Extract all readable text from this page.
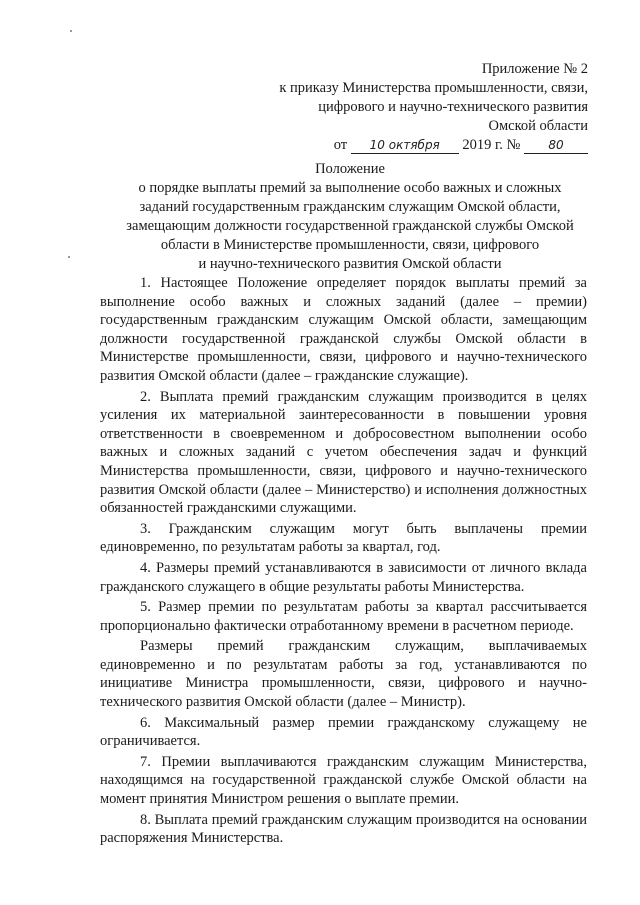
Приложение № 2
к приказу Министерства промышленности, связи,
цифрового и научно-технического развития
Омской области
от 10 октября 2019 г. № 80
Положение
о порядке выплаты премий за выполнение особо важных и сложных
заданий государственным гражданским служащим Омской области,
замещающим должности государственной гражданской службы Омской
области в Министерстве промышленности, связи, цифрового
и научно-технического развития Омской области

1. Настоящее Положение определяет порядок выплаты премий за выполнение особо важных и сложных заданий (далее – премии) государственным гражданским служащим Омской области, замещающим должности государственной гражданской службы Омской области в Министерстве промышленности, связи, цифрового и научно-технического развития Омской области (далее – гражданские служащие).

2. Выплата премий гражданским служащим производится в целях усиления их материальной заинтересованности в повышении уровня ответственности в своевременном и добросовестном выполнении особо важных и сложных заданий с учетом обеспечения задач и функций Министерства промышленности, связи, цифрового и научно-технического развития Омской области (далее – Министерство) и исполнения должностных обязанностей гражданскими служащими.

3. Гражданским служащим могут быть выплачены премии единовременно, по результатам работы за квартал, год.

4. Размеры премий устанавливаются в зависимости от личного вклада гражданского служащего в общие результаты работы Министерства.

5. Размер премии по результатам работы за квартал рассчитывается пропорционально фактически отработанному времени в расчетном периоде.

Размеры премий гражданским служащим, выплачиваемых единовременно и по результатам работы за год, устанавливаются по инициативе Министра промышленности, связи, цифрового и научно-технического развития Омской области (далее – Министр).

6. Максимальный размер премии гражданскому служащему не ограничивается.

7. Премии выплачиваются гражданским служащим Министерства, находящимся на государственной гражданской службе Омской области на момент принятия Министром решения о выплате премии.

8. Выплата премий гражданским служащим производится на основании распоряжения Министерства.
